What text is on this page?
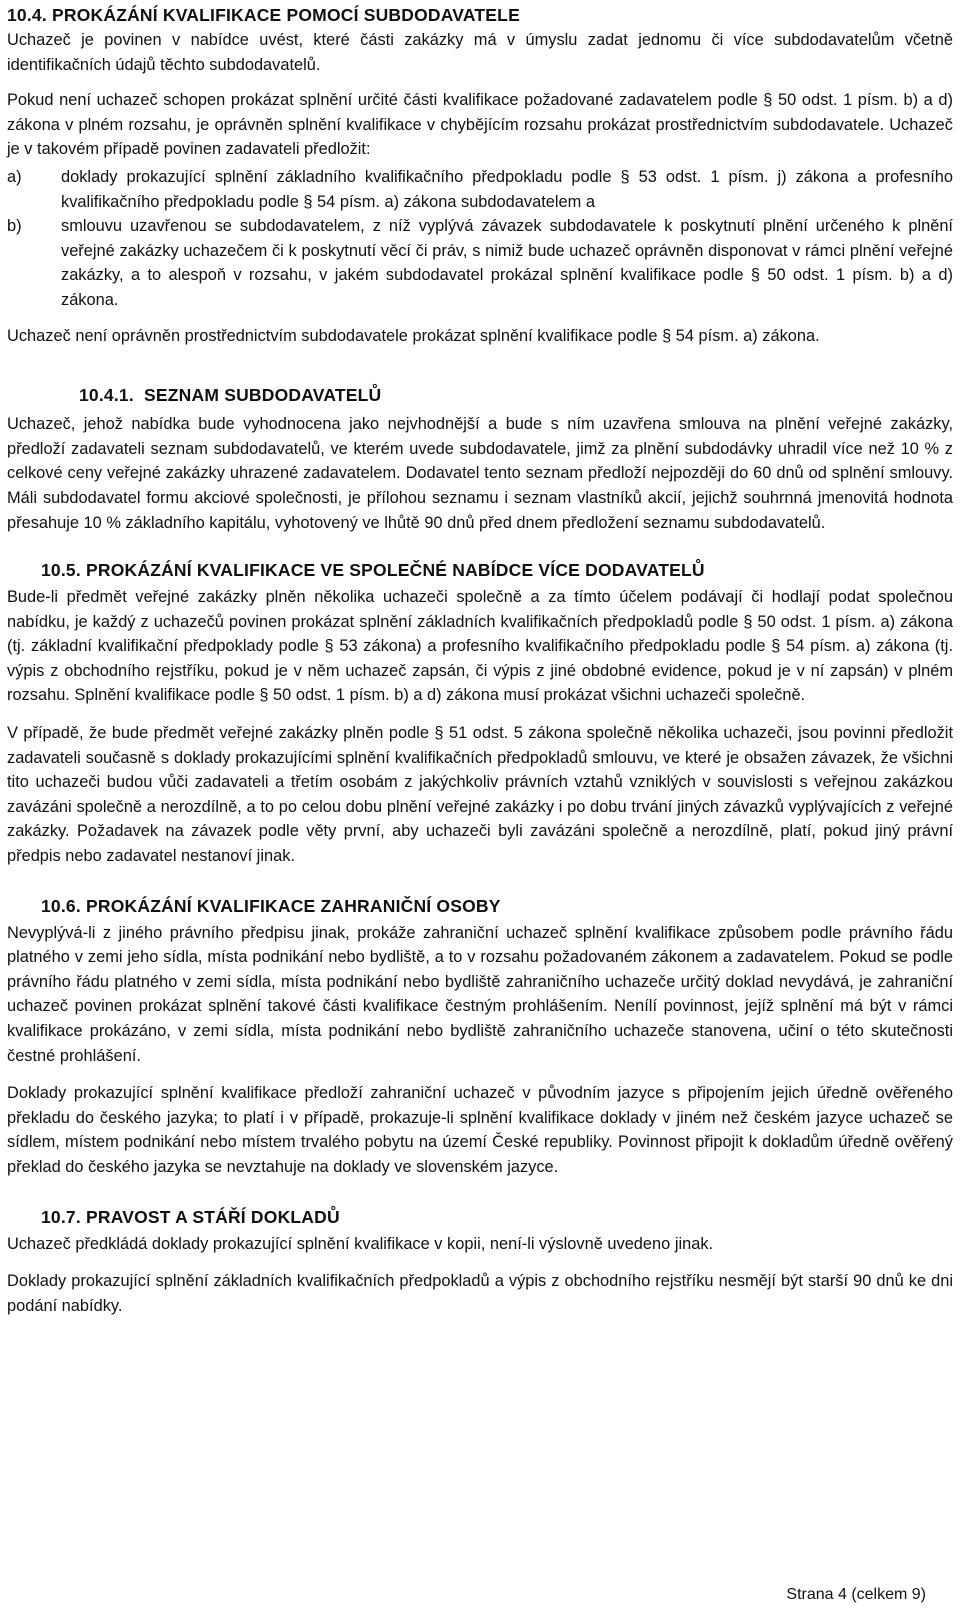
10.4. PROKÁZÁNÍ KVALIFIKACE POMOCÍ SUBDODAVATELE

Uchazeč je povinen v nabídce uvést, které části zakázky má v úmyslu zadat jednomu či více subdodavatelům včetně identifikačních údajů těchto subdodavatelů.

Pokud není uchazeč schopen prokázat splnění určité části kvalifikace požadované zadavatelem podle § 50 odst. 1 písm. b) a d) zákona v plném rozsahu, je oprávněn splnění kvalifikace v chybějícím rozsahu prokázat prostřednictvím subdodavatele. Uchazeč je v takovém případě povinen zadavateli předložit:

a) doklady prokazující splnění základního kvalifikačního předpokladu podle § 53 odst. 1 písm. j) zákona a profesního kvalifikačního předpokladu podle § 54 písm. a) zákona subdodavatelem a
b) smlouvu uzavřenou se subdodavatelem, z níž vyplývá závazek subdodavatele k poskytnutí plnění určeného k plnění veřejné zakázky uchazečem či k poskytnutí věcí či práv, s nimiž bude uchazeč oprávněn disponovat v rámci plnění veřejné zakázky, a to alespoň v rozsahu, v jakém subdodavatel prokázal splnění kvalifikace podle § 50 odst. 1 písm. b) a d) zákona.

Uchazeč není oprávněn prostřednictvím subdodavatele prokázat splnění kvalifikace podle § 54 písm. a) zákona.

10.4.1. SEZNAM SUBDODAVATELŮ

Uchazeč, jehož nabídka bude vyhodnocena jako nejvhodnější a bude s ním uzavřena smlouva na plnění veřejné zakázky, předloží zadavateli seznam subdodavatelů, ve kterém uvede subdodavatele, jimž za plnění subdodávky uhradil více než 10 % z celkové ceny veřejné zakázky uhrazené zadavatelem. Dodavatel tento seznam předloží nejpozději do 60 dnů od splnění smlouvy. Máli subdodavatel formu akciové společnosti, je přílohou seznamu i seznam vlastníků akcií, jejichž souhrnná jmenovitá hodnota přesahuje 10 % základního kapitálu, vyhotovený ve lhůtě 90 dnů před dnem předložení seznamu subdodavatelů.

10.5. PROKÁZÁNÍ KVALIFIKACE VE SPOLEČNÉ NABÍDCE VÍCE DODAVATELŮ

Bude-li předmět veřejné zakázky plněn několika uchazeči společně a za tímto účelem podávají či hodlají podat společnou nabídku, je každý z uchazečů povinen prokázat splnění základních kvalifikačních předpokladů podle § 50 odst. 1 písm. a) zákona (tj. základní kvalifikační předpoklady podle § 53 zákona) a profesního kvalifikačního předpokladu podle § 54 písm. a) zákona (tj. výpis z obchodního rejstříku, pokud je v něm uchazeč zapsán, či výpis z jiné obdobné evidence, pokud je v ní zapsán) v plném rozsahu. Splnění kvalifikace podle § 50 odst. 1 písm. b) a d) zákona musí prokázat všichni uchazeči společně.

V případě, že bude předmět veřejné zakázky plněn podle § 51 odst. 5 zákona společně několika uchazeči, jsou povinni předložit zadavateli současně s doklady prokazujícími splnění kvalifikačních předpokladů smlouvu, ve které je obsažen závazek, že všichni tito uchazeči budou vůči zadavateli a třetím osobám z jakýchkoliv právních vztahů vzniklých v souvislosti s veřejnou zakázkou zavázáni společně a nerozdílně, a to po celou dobu plnění veřejné zakázky i po dobu trvání jiných závazků vyplývajících z veřejné zakázky. Požadavek na závazek podle věty první, aby uchazeči byli zavázáni společně a nerozdílně, platí, pokud jiný právní předpis nebo zadavatel nestanoví jinak.

10.6. PROKÁZÁNÍ KVALIFIKACE ZAHRANIČNÍ OSOBY

Nevyplývá-li z jiného právního předpisu jinak, prokáže zahraniční uchazeč splnění kvalifikace způsobem podle právního řádu platného v zemi jeho sídla, místa podnikání nebo bydliště, a to v rozsahu požadovaném zákonem a zadavatelem. Pokud se podle právního řádu platného v zemi sídla, místa podnikání nebo bydliště zahraničního uchazeče určitý doklad nevydává, je zahraniční uchazeč povinen prokázat splnění takové části kvalifikace čestným prohlášením. Nenílí povinnost, jejíž splnění má být v rámci kvalifikace prokázáno, v zemi sídla, místa podnikání nebo bydliště zahraničního uchazeče stanovena, učiní o této skutečnosti čestné prohlášení.

Doklady prokazující splnění kvalifikace předloží zahraniční uchazeč v původním jazyce s připojením jejich úředně ověřeného překladu do českého jazyka; to platí i v případě, prokazuje-li splnění kvalifikace doklady v jiném než českém jazyce uchazeč se sídlem, místem podnikání nebo místem trvalého pobytu na území České republiky. Povinnost připojit k dokladům úředně ověřený překlad do českého jazyka se nevztahuje na doklady ve slovenském jazyce.

10.7. PRAVOST A STÁŘÍ DOKLADŮ

Uchazeč předkládá doklady prokazující splnění kvalifikace v kopii, není-li výslovně uvedeno jinak.

Doklady prokazující splnění základních kvalifikačních předpokladů a výpis z obchodního rejstříku nesmějí být starší 90 dnů ke dni podání nabídky.

Strana 4 (celkem 9)
